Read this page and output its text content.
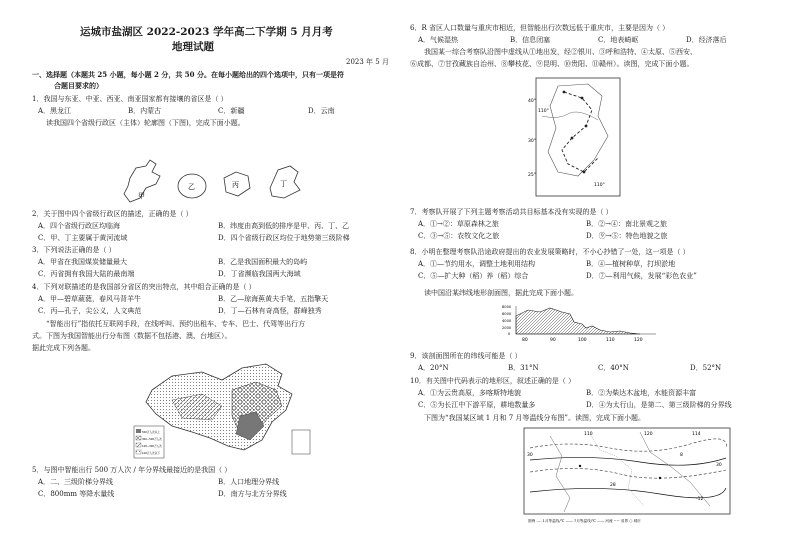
运城市盐湖区 2022-2023 学年高二下学期 5 月月考
地理试题
2023 年 5 月
一、选择题（本题共 25 小题，每小题 2 分，共 50 分。在每小题给出的四个选项中，只有一项是符
合题目要求的）
1．我国与东亚、中亚、西亚、南亚国家都有接壤的省区是（ ）
A．黑龙江	B．内蒙古	C．新疆	D．云南
读我国四个省级行政区（主体）轮廓图（下图)，完成下面小题。
甲
乙	丙	丁
2．关于图中四个省级行政区的描述，正确的是（ ）
A．四个省级行政区均临海	B．纬度由高到低的排序是甲、丙、丁、乙
C．甲、丁主要属于黄河流域	D．四个省级行政区均位于地势第三级阶梯
3．下列说法正确的是（ ）
A．甲省在我国煤炭储量最大	B．乙是我国面积最大的岛屿
C．丙省拥有我国大陆的最南端	D．丁省濒临我国两大海域
4．下列对联描述的是我国部分省区的突出特点，其中组合正确的是（ ）
A．甲—碧草葳蕤，春风马背羊牛	B．乙—琼海蕉黄夫手笔，五指擎天
C．丙—孔子，尖公义，人文典范	D．丁—石林有奇高怪，群峰独秀
“智能出行”指依托互联网手段，在线呼叫、预约出租车、专车、巴士、代驾等出行方
式。下图为我国智能出行分布图（数据不包括港、澳、台地区）。
据此完成下列各题。
500万人次以上
300~500万人次
100~300万人次
100万人次以下
5．与图中智能出行 500 万人次 / 年分界线最接近的是我国（ ）
A．二、三级阶梯分界线	B．人口地理分界线
C．800mm 等降水量线	D．南方与北方分界线
6．R 省区人口数量与重庆市相近，但智能出行次数远低于重庆市，主要是因为（ ）
A．气候湿热	B．信息闭塞	C．地表崎岖	D．经济落后
我国某一综合考察队沿图中虚线从①地出发，经②银川、③呼和浩特、④太原、⑤西安、
⑥成都、⑦甘孜藏族自治州、⑧攀枝花、⑨昆明、⑩贵阳、⑪赣州）。读图，完成下面小题。
40°
110°
30°
25°
110°
7．考察队开展了下列主题考察活动共目标基本没有实现的是（ ）
A．①→②：草原森林之旅	B．②→④：南北景观之旅
C．③→⑤：农牧文化之旅	D．⑨→⑤：特色地貌之旅
8．小明在整理考察队沿途政府提出的农业发展策略时，不小心抄错了一处，这一项是（ ）
A．①—节约用水，调整土地利用结构	B．④—植树种草，打坝淤地
C．⑤—扩大种（稻）养（稻）综合	D．⑦—利用气候，发展“彩色农业”
读中国沿某纬线地形剖面图，据此完成下面小题。
8000
6000
4000
2000
0
80	90	100	110	120
9．该剖面图所在的纬线可能是（ ）
A．20°N	B．31°N	C．40°N	D．52°N
10．有关图中代码表示的地形区，叙述正确的是（ ）
A．①为云贵高原，多喀斯特地貌	B．②为柴达木盆地，水能资源丰富
C．⑤为长江中下游平原，耕地数量多	D．④为太行山，是第二、第三级阶梯的分界线
下图为“我国某区域 1 月和 7 月等温线分布图”。读图，完成下面小题。
120
110	114
30	8
-12
28
30
图例 ---- 1月等温线/℃ —— 7月等温线/℃ —— 河流 ~~ 省界 ○ 城市
